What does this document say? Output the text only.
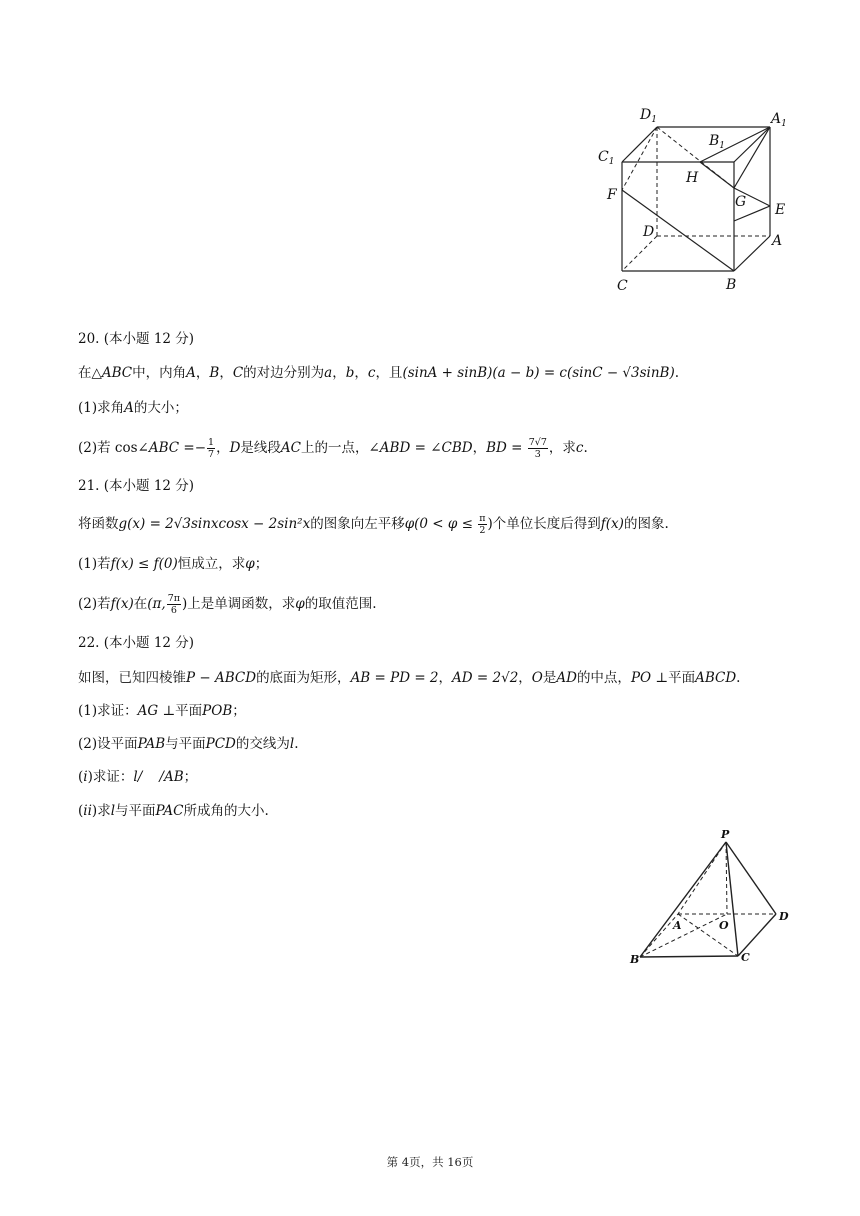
$D_1$	$A_1$
$B_1$
$C_1$
H
G
F
E
D
A
C	B
20. (本小题 12 分)
在△ABC中，内角A，B，C的对边分别为a，b，c，且(sinA + sinB)(a − b) = c(sinC − √3sinB).
(1)求角A的大小；
(2)若 cos∠ABC =− $\frac{1}{7}$ ，D是线段AC上的一点，∠ABD = ∠CBD，BD = $\frac{7√7}{3}$ ，求c.
21. (本小题 12 分)
将函数g(x) = 2√3sinxcosx − 2sin²x的图象向左平移$\varphi(0 < \varphi \le \frac{\pi}{2}$ )个单位长度后得到f(x)的图象.
(1)若f(x) ≤ f(0)恒成立，求φ；
(2)若f(x)在(π, $\frac{7\pi}{6}$ )上是单调函数，求φ的取值范围.
22. (本小题 12 分)
如图，已知四棱锥P − ABCD的底面为矩形，AB = PD = 2，AD = 2√2，O是AD的中点，PO ⊥平面ABCD.
(1)求证：AG ⊥平面POB；
(2)设平面PAB与平面PCD的交线为l.
(i)求证：l/    /AB；
(ii)求l与平面PAC所成角的大小.
P
A	O
D
B	C
第 4页，共 16页
